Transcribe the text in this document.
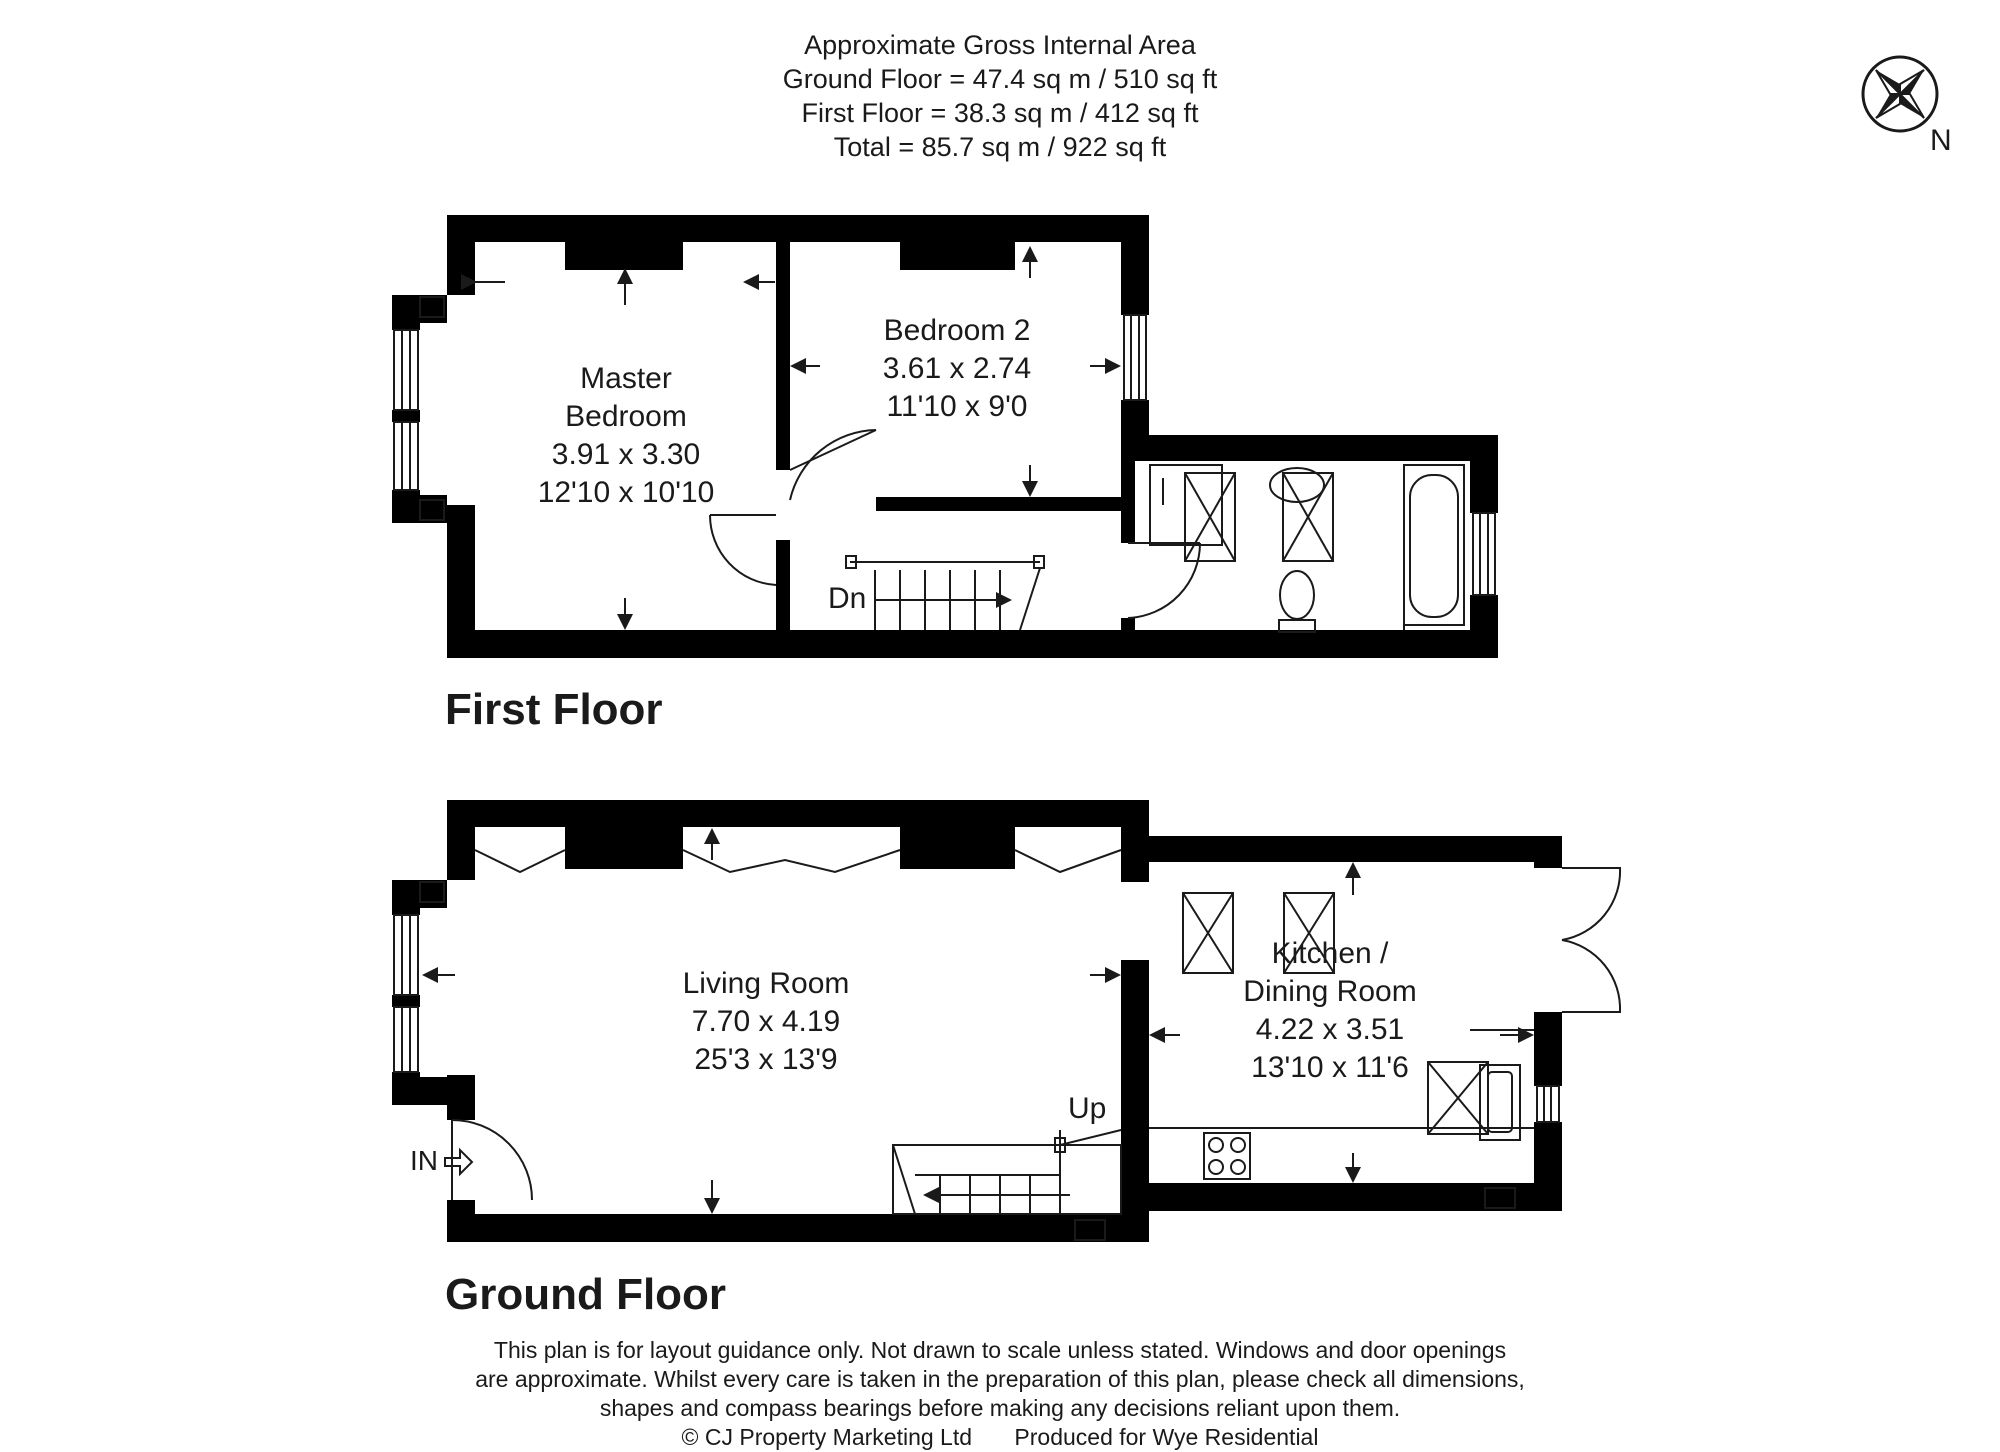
Approximate Gross Internal Area
Ground Floor = 47.4 sq m / 510 sq ft
First Floor = 38.3 sq m / 412 sq ft
Total = 85.7 sq m / 922 sq ft	N
Master
Bedroom
3.91 x 3.30
12'10 x 10'10
Bedroom 2
3.61 x 2.74
11'10 x 9'0
Dn
Living Room
7.70 x 4.19
25'3 x 13'9
Kitchen /
Dining Room
4.22 x 3.51
13'10 x 11'6
Up
IN
First Floor
Ground Floor
This plan is for layout guidance only. Not drawn to scale unless stated. Windows and door openings
are approximate. Whilst every care is taken in the preparation of this plan, please check all dimensions,
shapes and compass bearings before making any decisions reliant upon them.
© CJ Property Marketing Ltd Produced for Wye Residential
